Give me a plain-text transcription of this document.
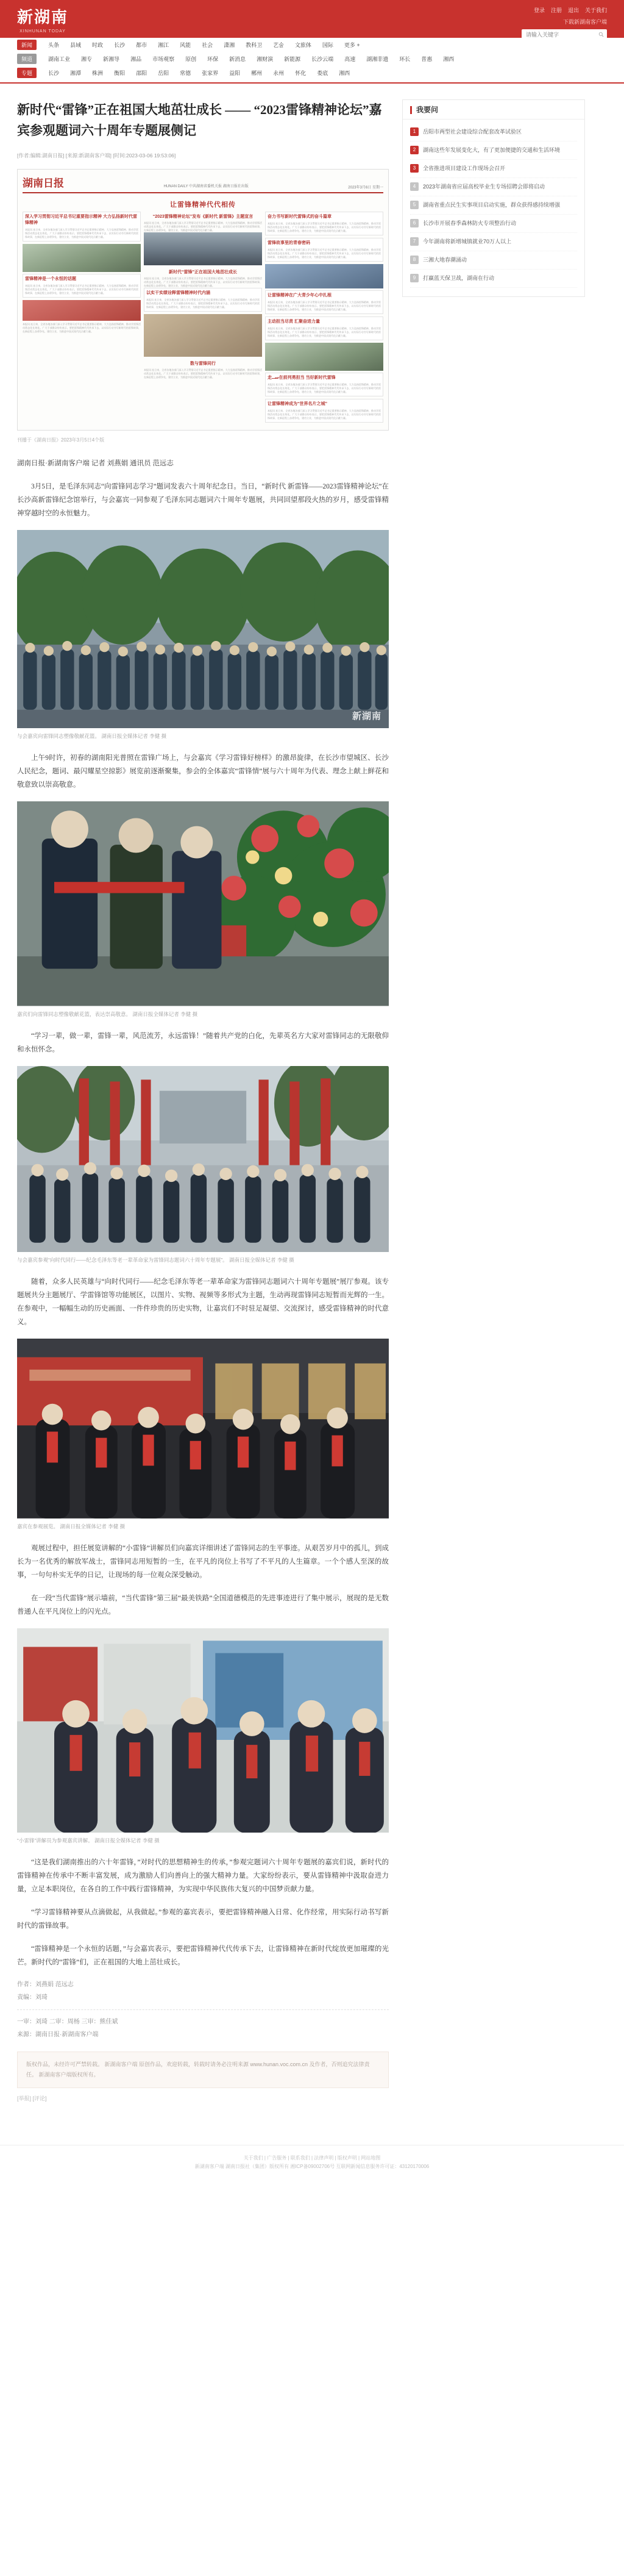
新湖南
XINHUNAN TODAY
登录 注册 退出 关于我们
下载新湖南客户端
请输入关键字
新闻	头条	县域	时政	长沙	都市	湘江	风能	社会	潇湘	教科卫	艺술	文旅体	国际	更多 +
频道	湖南工业	湘专	新湘导	湘品	市场观察	原创	环保	新消息	湘财演	新能源	长沙云端	高速	湖湘非遗	环长	普惠	湘西
专题	长沙	湘潭	株洲	衡阳	邵阳	岳阳	常德	张家界	益阳	郴州	永州	怀化	娄底	湘西
新时代“雷锋”正在祖国大地茁壮成长 —— “2023雷锋精神论坛”嘉宾参观题词六十周年专题展侧记
[作者:编辑:湖南日报] [来源:新湖南客户端] [时间:2023-03-06 19:53:06]
湖南日报	HUNAN DAILY 中共湖南省委机关报 湖南日报社出版	2023年3月6日 星期一
让雷锋精神代代相传
深入学习贯彻习近平总书记重要指示精神 大力弘扬新时代雷锋精神
本报讯 连日来，全省各地各部门深入学习贯彻习近平总书记重要指示精神，大力弘扬雷锋精神，推动学雷锋活动常态化长效化。广大干部群众纷纷表示，要把雷锋精神代代传承下去，以实际行动书写新时代的雷锋故事，在新征程上奋勇争先、建功立业，为推进中国式现代化贡献力量。
雷锋精神是一个永恒的话题
本报讯 连日来，全省各地各部门深入学习贯彻习近平总书记重要指示精神，大力弘扬雷锋精神，推动学雷锋活动常态化长效化。广大干部群众纷纷表示，要把雷锋精神代代传承下去，以实际行动书写新时代的雷锋故事，在新征程上奋勇争先、建功立业，为推进中国式现代化贡献力量。
本报讯 连日来，全省各地各部门深入学习贯彻习近平总书记重要指示精神，大力弘扬雷锋精神，推动学雷锋活动常态化长效化。广大干部群众纷纷表示，要把雷锋精神代代传承下去，以实际行动书写新时代的雷锋故事，在新征程上奋勇争先、建功立业，为推进中国式现代化贡献力量。
“2023雷锋精神论坛”发布《新时代 新雷锋》主题宣言
本报讯 连日来，全省各地各部门深入学习贯彻习近平总书记重要指示精神，大力弘扬雷锋精神，推动学雷锋活动常态化长效化。广大干部群众纷纷表示，要把雷锋精神代代传承下去，以实际行动书写新时代的雷锋故事，在新征程上奋勇争先、建功立业，为推进中国式现代化贡献力量。
新时代“雷锋”正在祖国大地茁壮成长
本报讯 连日来，全省各地各部门深入学习贯彻习近平总书记重要指示精神，大力弘扬雷锋精神，推动学雷锋活动常态化长效化。广大干部群众纷纷表示，要把雷锋精神代代传承下去，以实际行动书写新时代的雷锋故事，在新征程上奋勇争先、建功立业，为推进中国式现代化贡献力量。
以实干实绩诠释雷锋精神时代内涵
本报讯 连日来，全省各地各部门深入学习贯彻习近平总书记重要指示精神，大力弘扬雷锋精神，推动学雷锋活动常态化长效化。广大干部群众纷纷表示，要把雷锋精神代代传承下去，以实际行动书写新时代的雷锋故事，在新征程上奋勇争先、建功立业，为推进中国式现代化贡献力量。
数与雷锋同行
本报讯 连日来，全省各地各部门深入学习贯彻习近平总书记重要指示精神，大力弘扬雷锋精神，推动学雷锋活动常态化长效化。广大干部群众纷纷表示，要把雷锋精神代代传承下去，以实际行动书写新时代的雷锋故事，在新征程上奋勇争先、建功立业，为推进中国式现代化贡献力量。
奋力书写新时代雷锋式的奋斗篇章
本报讯 连日来，全省各地各部门深入学习贯彻习近平总书记重要指示精神，大力弘扬雷锋精神，推动学雷锋活动常态化长效化。广大干部群众纷纷表示，要把雷锋精神代代传承下去，以实际行动书写新时代的雷锋故事，在新征程上奋勇争先、建功立业，为推进中国式现代化贡献力量。
雷锋故事里的青春密码
本报讯 连日来，全省各地各部门深入学习贯彻习近平总书记重要指示精神，大力弘扬雷锋精神，推动学雷锋活动常态化长效化。广大干部群众纷纷表示，要把雷锋精神代代传承下去，以实际行动书写新时代的雷锋故事，在新征程上奋勇争先、建功立业，为推进中国式现代化贡献力量。
让雷锋精神在广大青少年心中扎根
本报讯 连日来，全省各地各部门深入学习贯彻习近平总书记重要指示精神，大力弘扬雷锋精神，推动学雷锋活动常态化长效化。广大干部群众纷纷表示，要把雷锋精神代代传承下去，以实际行动书写新时代的雷锋故事，在新征程上奋勇争先、建功立业，为推进中国式现代化贡献力量。
主动担当尽责 汇聚奋进力量
本报讯 连日来，全省各地各部门深入学习贯彻习近平总书记重要指示精神，大力弘扬雷锋精神，推动学雷锋活动常态化长效化。广大干部群众纷纷表示，要把雷锋精神代代传承下去，以实际行动书写新时代的雷锋故事，在新征程上奋勇争先、建功立业，为推进中国式现代化贡献力量。
走ســ在前列勇担当 当好新时代雷锋
本报讯 连日来，全省各地各部门深入学习贯彻习近平总书记重要指示精神，大力弘扬雷锋精神，推动学雷锋活动常态化长效化。广大干部群众纷纷表示，要把雷锋精神代代传承下去，以实际行动书写新时代的雷锋故事，在新征程上奋勇争先、建功立业，为推进中国式现代化贡献力量。
让雷锋精神成为“世界名片之城”
本报讯 连日来，全省各地各部门深入学习贯彻习近平总书记重要指示精神，大力弘扬雷锋精神，推动学雷锋活动常态化长效化。广大干部群众纷纷表示，要把雷锋精神代代传承下去，以实际行动书写新时代的雷锋故事，在新征程上奋勇争先、建功立业，为推进中国式现代化贡献力量。
刊播于《湖南日报》2023年3月5日4个版

湖南日报·新湖南客户端 记者 刘燕娟 通讯员 范远志

3月5日，是毛泽东同志“向雷锋同志学习”题词发表六十周年纪念日。当日，“新时代 新雷锋——2023雷锋精神论坛”在长沙高新雷锋纪念馆举行，与会嘉宾一同参观了毛泽东同志题词六十周年专题展，共同回望那段火热的岁月，感受雷锋精神穿越时空的永恒魅力。

新湖南
与会嘉宾向雷锋同志塑像敬献花篮。 湖南日报全媒体记者 李健 摄

上午9时许，初春的湖南阳光普照在雷锋广场上，与会嘉宾《学习雷锋好榜样》的激昂旋律，在长沙市望城区、长沙人民纪念，题词、最闪耀星空掠影》展览前逐渐聚集，参会的全体嘉宾“雷锋情”展与六十周年为代表、理念上献上鲜花和敬意致以崇高敬意。

嘉宾们向雷锋同志塑像敬献花篮，表达崇高敬意。 湖南日报全媒体记者 李健 摄

“学习一辈，做一辈，雷锋一辈，风范流芳，永远雷锋！”随着共产党的白化，先辈英名方大家对雷锋同志的无限敬仰和永恒怀念。

与会嘉宾参观“向时代同行——纪念毛泽东等老一辈革命家为雷锋同志题词六十周年专题展”。 湖南日报全媒体记者 李健 摄

随着，众多人民英雄与“向时代同行——纪念毛泽东等老一辈革命家为雷锋同志题词六十周年专题展”展厅参观。该专题展共分主题展厅、学雷锋馆等功能展区，以图片、实物、视频等多形式为主题，生动再现雷锋同志短暂而光辉的一生。在参观中，一幅幅生动的历史画面、一件件珍贵的历史实物，让嘉宾们不时驻足凝望、交流探讨，感受雷锋精神的时代意义。

嘉宾在参观展览。 湖南日报全媒体记者 李健 摄

观展过程中，担任展览讲解的“小雷锋”讲解员们向嘉宾详细讲述了雷锋同志的生平事迹。从艰苦岁月中的孤儿，到成长为一名优秀的解放军战士，雷锋同志用短暂的一生，在平凡的岗位上书写了不平凡的人生篇章。一个个感人至深的故事，一句句朴实无华的日记，让现场的每一位观众深受触动。

在一段“当代雷锋”展示墙前，“当代雷锋”第三届“最美铁路”全国道德模范的先进事迹进行了集中展示，展现的是无数普通人在平凡岗位上的闪光点。

“小雷锋”讲解员为参观嘉宾讲解。 湖南日报全媒体记者 李健 摄

“这是我们湖南推出的六十年雷锋，”对时代的思想精神生的传承，”参观完题词六十周年专题展的嘉宾们说，新时代的雷锋精神在传承中不断丰富发展，成为激励人们向善向上的强大精神力量。大家纷纷表示，要从雷锋精神中汲取奋进力量，立足本职岗位，在各自的工作中践行雷锋精神，为实现中华民族伟大复兴的中国梦贡献力量。

“学习雷锋精神要从点滴做起，从我做起。”参观的嘉宾表示，要把雷锋精神融入日常、化作经常，用实际行动书写新时代的雷锋故事。

“雷锋精神是一个永恒的话题，”与会嘉宾表示，要把雷锋精神代代传承下去，让雷锋精神在新时代绽放更加璀璨的光芒。新时代的“雷锋”们，正在祖国的大地上茁壮成长。

作者：刘燕娟 范远志
责编：刘琦
一审：刘琦 二审：周杨 三审：熊佳斌
来源：湖南日报·新湖南客户端
版权作品，未经许可严禁转载。 新湖南客户端 原创作品，欢迎转载，转载时请务必注明来源 www.hunan.voc.com.cn 及作者，否则追究法律责任。 新湖南客户端版权所有。
[举报] [评论]
我要问
1	岳阳市两型社会建设综合配套改革试验区
2	湖南这些年发展变化大，有了更加便捷的交通和生活环境
3	全省推进项目建设工作现场会召开
4	2023年湖南省应届高校毕业生专场招聘会即将启动
5	湖南省重点民生实事项目启动实施，群众获得感持续增强
6	长沙市开展春季森林防火专项整治行动
7	今年湖南将新增城镇就业70万人以上
8	三湘大地春潮涌动
9	打赢蓝天保卫战，湖南在行动
关于我们 | 广告服务 | 联系我们 | 法律声明 | 版权声明 | 网站地图
新湖南客户端 湖南日报社（集团）版权所有 湘ICP备09002706号 互联网新闻信息服务许可证：43120170006
